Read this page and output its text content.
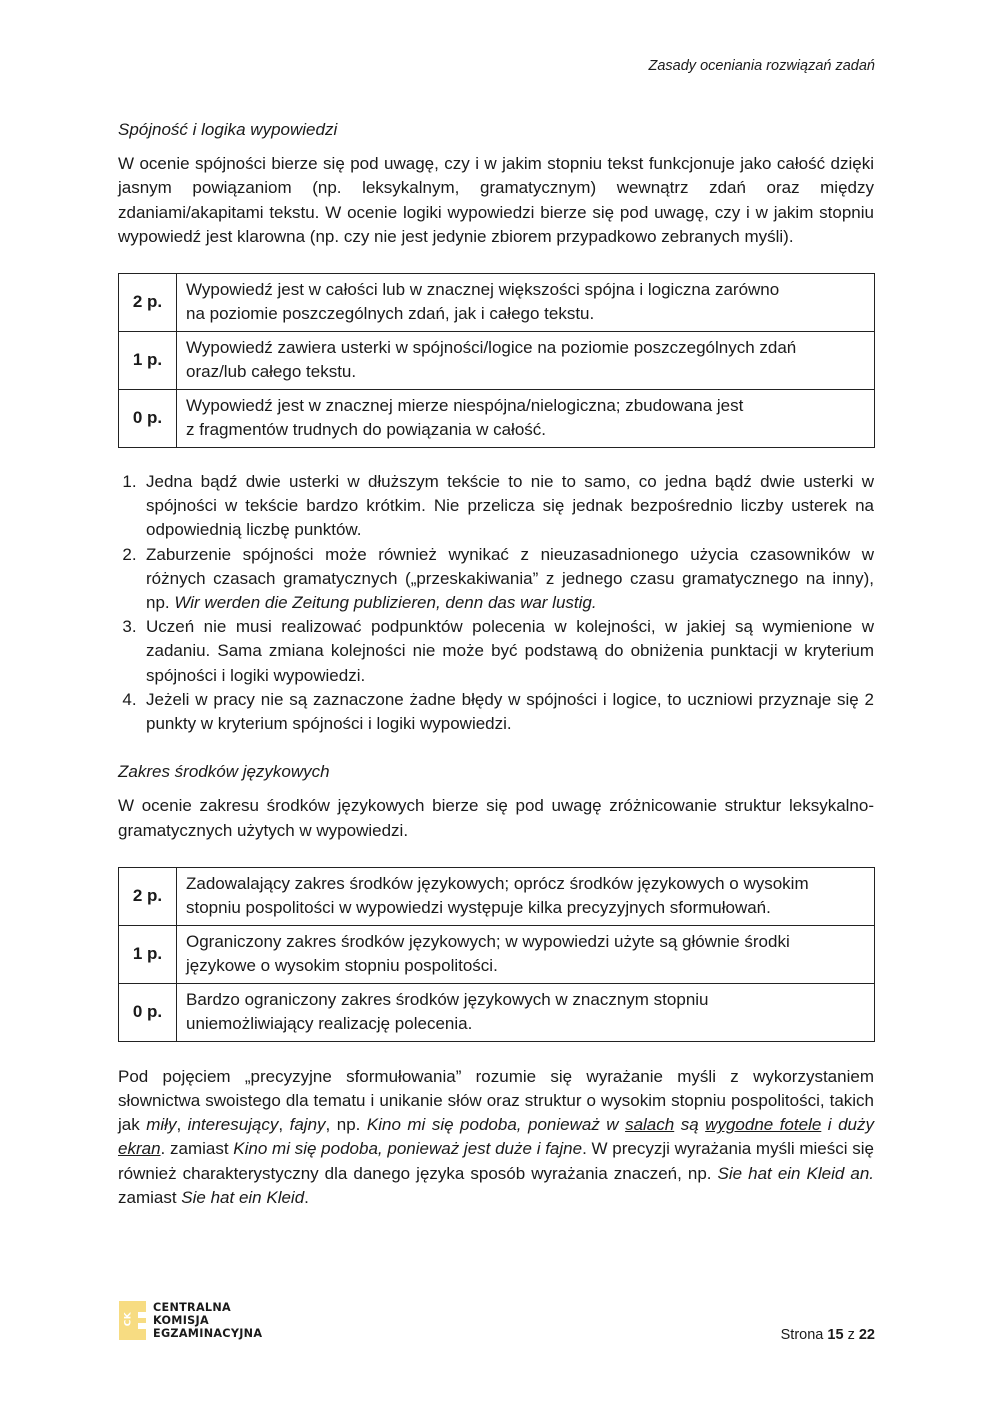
Zasady oceniania rozwiązań zadań
Spójność i logika wypowiedzi

W ocenie spójności bierze się pod uwagę, czy i w jakim stopniu tekst funkcjonuje jako całość dzięki jasnym powiązaniom (np. leksykalnym, gramatycznym) wewnątrz zdań oraz między zdaniami/akapitami tekstu. W ocenie logiki wypowiedzi bierze się pod uwagę, czy i w jakim stopniu wypowiedź jest klarowna (np. czy nie jest jedynie zbiorem przypadkowo zebranych myśli).

2 p.	Wypowiedź jest w całości lub w znacznej większości spójna i logiczna zarówno
na poziomie poszczególnych zdań, jak i całego tekstu.
1 p.	Wypowiedź zawiera usterki w spójności/logice na poziomie poszczególnych zdań
oraz/lub całego tekstu.
0 p.	Wypowiedź jest w znacznej mierze niespójna/nielogiczna; zbudowana jest
z fragmentów trudnych do powiązania w całość.
1. Jedna bądź dwie usterki w dłuższym tekście to nie to samo, co jedna bądź dwie usterki w spójności w tekście bardzo krótkim. Nie przelicza się jednak bezpośrednio liczby usterek na odpowiednią liczbę punktów.
2. Zaburzenie spójności może również wynikać z nieuzasadnionego użycia czasowników w różnych czasach gramatycznych („przeskakiwania” z jednego czasu gramatycznego na inny), np. Wir werden die Zeitung publizieren, denn das war lustig.
3. Uczeń nie musi realizować podpunktów polecenia w kolejności, w jakiej są wymienione w zadaniu. Sama zmiana kolejności nie może być podstawą do obniżenia punktacji w kryterium spójności i logiki wypowiedzi.
4. Jeżeli w pracy nie są zaznaczone żadne błędy w spójności i logice, to uczniowi przyznaje się 2 punkty w kryterium spójności i logiki wypowiedzi.
Zakres środków językowych

W ocenie zakresu środków językowych bierze się pod uwagę zróżnicowanie struktur leksykalno-gramatycznych użytych w wypowiedzi.

2 p.	Zadowalający zakres środków językowych; oprócz środków językowych o wysokim
stopniu pospolitości w wypowiedzi występuje kilka precyzyjnych sformułowań.
1 p.	Ograniczony zakres środków językowych; w wypowiedzi użyte są głównie środki
językowe o wysokim stopniu pospolitości.
0 p.	Bardzo ograniczony zakres środków językowych w znacznym stopniu
uniemożliwiający realizację polecenia.

Pod pojęciem „precyzyjne sformułowania” rozumie się wyrażanie myśli z wykorzystaniem słownictwa swoistego dla tematu i unikanie słów oraz struktur o wysokim stopniu pospolitości, takich jak miły, interesujący, fajny, np. Kino mi się podoba, ponieważ w salach są wygodne fotele i duży ekran. zamiast Kino mi się podoba, ponieważ jest duże i fajne. W precyzji wyrażania myśli mieści się również charakterystyczny dla danego języka sposób wyrażania znaczeń, np. Sie hat ein Kleid an. zamiast Sie hat ein Kleid.

CK
CENTRALNA
KOMISJA
EGZAMINACYJNA	Strona 15 z 22
